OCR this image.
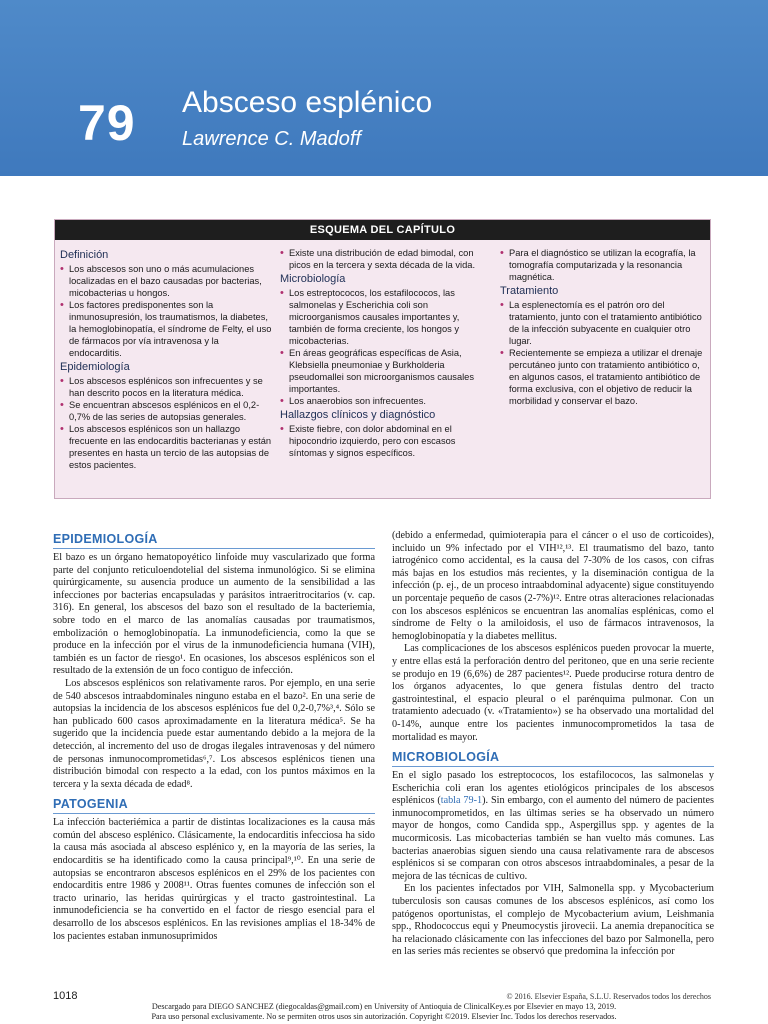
79	Absceso esplénico
Lawrence C. Madoff
ESQUEMA DEL CAPÍTULO
Definición
• Los abscesos son uno o más acumulaciones localizadas en el bazo causadas por bacterias, micobacterias u hongos.
• Los factores predisponentes son la inmunosupresión, los traumatismos, la diabetes, la hemoglobinopatía, el síndrome de Felty, el uso de fármacos por vía intravenosa y la endocarditis.
Epidemiología
• Los abscesos esplénicos son infrecuentes y se han descrito pocos en la literatura médica.
• Se encuentran abscesos esplénicos en el 0,2-0,7% de las series de autopsias generales.
• Los abscesos esplénicos son un hallazgo frecuente en las endocarditis bacterianas y están presentes en hasta un tercio de las autopsias de estos pacientes.
• Existe una distribución de edad bimodal, con picos en la tercera y sexta década de la vida.
Microbiología
• Los estreptococos, los estafilococos, las salmonelas y Escherichia coli son microorganismos causales importantes y, también de forma creciente, los hongos y micobacterias.
• En áreas geográficas específicas de Asia, Klebsiella pneumoniae y Burkholderia pseudomallei son microorganismos causales importantes.
• Los anaerobios son infrecuentes.
Hallazgos clínicos y diagnóstico
• Existe fiebre, con dolor abdominal en el hipocondrio izquierdo, pero con escasos síntomas y signos específicos.
• Para el diagnóstico se utilizan la ecografía, la tomografía computarizada y la resonancia magnética.
Tratamiento
• La esplenectomía es el patrón oro del tratamiento, junto con el tratamiento antibiótico de la infección subyacente en cualquier otro lugar.
• Recientemente se empieza a utilizar el drenaje percutáneo junto con tratamiento antibiótico o, en algunos casos, el tratamiento antibiótico de forma exclusiva, con el objetivo de reducir la morbilidad y conservar el bazo.
EPIDEMIOLOGÍA

El bazo es un órgano hematopoyético linfoide muy vascularizado que forma parte del conjunto reticuloendotelial del sistema inmunológico. Si se elimina quirúrgicamente, su ausencia produce un aumento de la sensibilidad a las infecciones por bacterias encapsuladas y parásitos intraeritrocitarios (v. cap. 316). En general, los abscesos del bazo son el resultado de la bacteriemia, sobre todo en el marco de las anomalías causadas por traumatismos, embolización o hemoglobinopatía. La inmunodeficiencia, como la que se produce en la infección por el virus de la inmunodeficiencia humana (VIH), también es un factor de riesgo¹. En ocasiones, los abscesos esplénicos son el resultado de la extensión de un foco contiguo de infección.

Los abscesos esplénicos son relativamente raros. Por ejemplo, en una serie de 540 abscesos intraabdominales ninguno estaba en el bazo². En una serie de autopsias la incidencia de los abscesos esplénicos fue del 0,2-0,7%³,⁴. Sólo se han publicado 600 casos aproximadamente en la literatura médica⁵. Se ha sugerido que la incidencia puede estar aumentando debido a la mejora de la detección, al incremento del uso de drogas ilegales intravenosas y del número de personas inmunocomprometidas⁶,⁷. Los abscesos esplénicos tienen una distribución bimodal con respecto a la edad, con los puntos máximos en la tercera y la sexta década de edad⁸.

PATOGENIA

La infección bacteriémica a partir de distintas localizaciones es la causa más común del absceso esplénico. Clásicamente, la endocarditis infecciosa ha sido la causa más asociada al absceso esplénico y, en la mayoría de las series, la endocarditis se ha identificado como la causa principal⁹,¹⁰. En una serie de autopsias se encontraron abscesos esplénicos en el 29% de los pacientes con endocarditis entre 1986 y 2008¹¹. Otras fuentes comunes de infección son el tracto urinario, las heridas quirúrgicas y el tracto gastrointestinal. La inmunodeficiencia se ha convertido en el factor de riesgo esencial para el desarrollo de los abscesos esplénicos. En las revisiones amplias el 18-34% de los pacientes estaban inmunosuprimidos

(debido a enfermedad, quimioterapia para el cáncer o el uso de corticoides), incluido un 9% infectado por el VIH¹²,¹³. El traumatismo del bazo, tanto iatrogénico como accidental, es la causa del 7-30% de los casos, con cifras más bajas en los estudios más recientes, y la diseminación contigua de la infección (p. ej., de un proceso intraabdominal adyacente) sigue constituyendo un porcentaje pequeño de casos (2-7%)¹². Entre otras alteraciones relacionadas con los abscesos esplénicos se encuentran las anomalías esplénicas, como el síndrome de Felty o la amiloidosis, el uso de fármacos intravenosos, la hemoglobinopatía y la diabetes mellitus.

Las complicaciones de los abscesos esplénicos pueden provocar la muerte, y entre ellas está la perforación dentro del peritoneo, que en una serie reciente se produjo en 19 (6,6%) de 287 pacientes¹². Puede producirse rotura dentro de los órganos adyacentes, lo que genera fístulas dentro del tracto gastrointestinal, el espacio pleural o el parénquima pulmonar. Con un tratamiento adecuado (v. «Tratamiento») se ha observado una mortalidad del 0-14%, aunque entre los pacientes inmunocomprometidos la tasa de mortalidad es mayor.

MICROBIOLOGÍA

En el siglo pasado los estreptococos, los estafilococos, las salmonelas y Escherichia coli eran los agentes etiológicos principales de los abscesos esplénicos (tabla 79-1). Sin embargo, con el aumento del número de pacientes inmunocomprometidos, en las últimas series se ha observado un número mayor de hongos, como Candida spp., Aspergillus spp. y agentes de la mucormicosis. Las micobacterias también se han vuelto más comunes. Las bacterias anaerobias siguen siendo una causa relativamente rara de abscesos esplénicos si se comparan con otros abscesos intraabdominales, a pesar de la mejora de las técnicas de cultivo.

En los pacientes infectados por VIH, Salmonella spp. y Mycobacterium tuberculosis son causas comunes de los abscesos esplénicos, así como los patógenos oportunistas, el complejo de Mycobacterium avium, Leishmania spp., Rhodococcus equi y Pneumocystis jirovecii. La anemia drepanocítica se ha relacionado clásicamente con las infecciones del bazo por Salmonella, pero en las series más recientes se observó que predomina la infección por

1018	© 2016. Elsevier España, S.L.U. Reservados todos los derechos
Descargado para DIEGO SANCHEZ (diegocaldas@gmail.com) en University of Antioquia de ClinicalKey.es por Elsevier en mayo 13, 2019.
Para uso personal exclusivamente. No se permiten otros usos sin autorización. Copyright ©2019. Elsevier Inc. Todos los derechos reservados.
